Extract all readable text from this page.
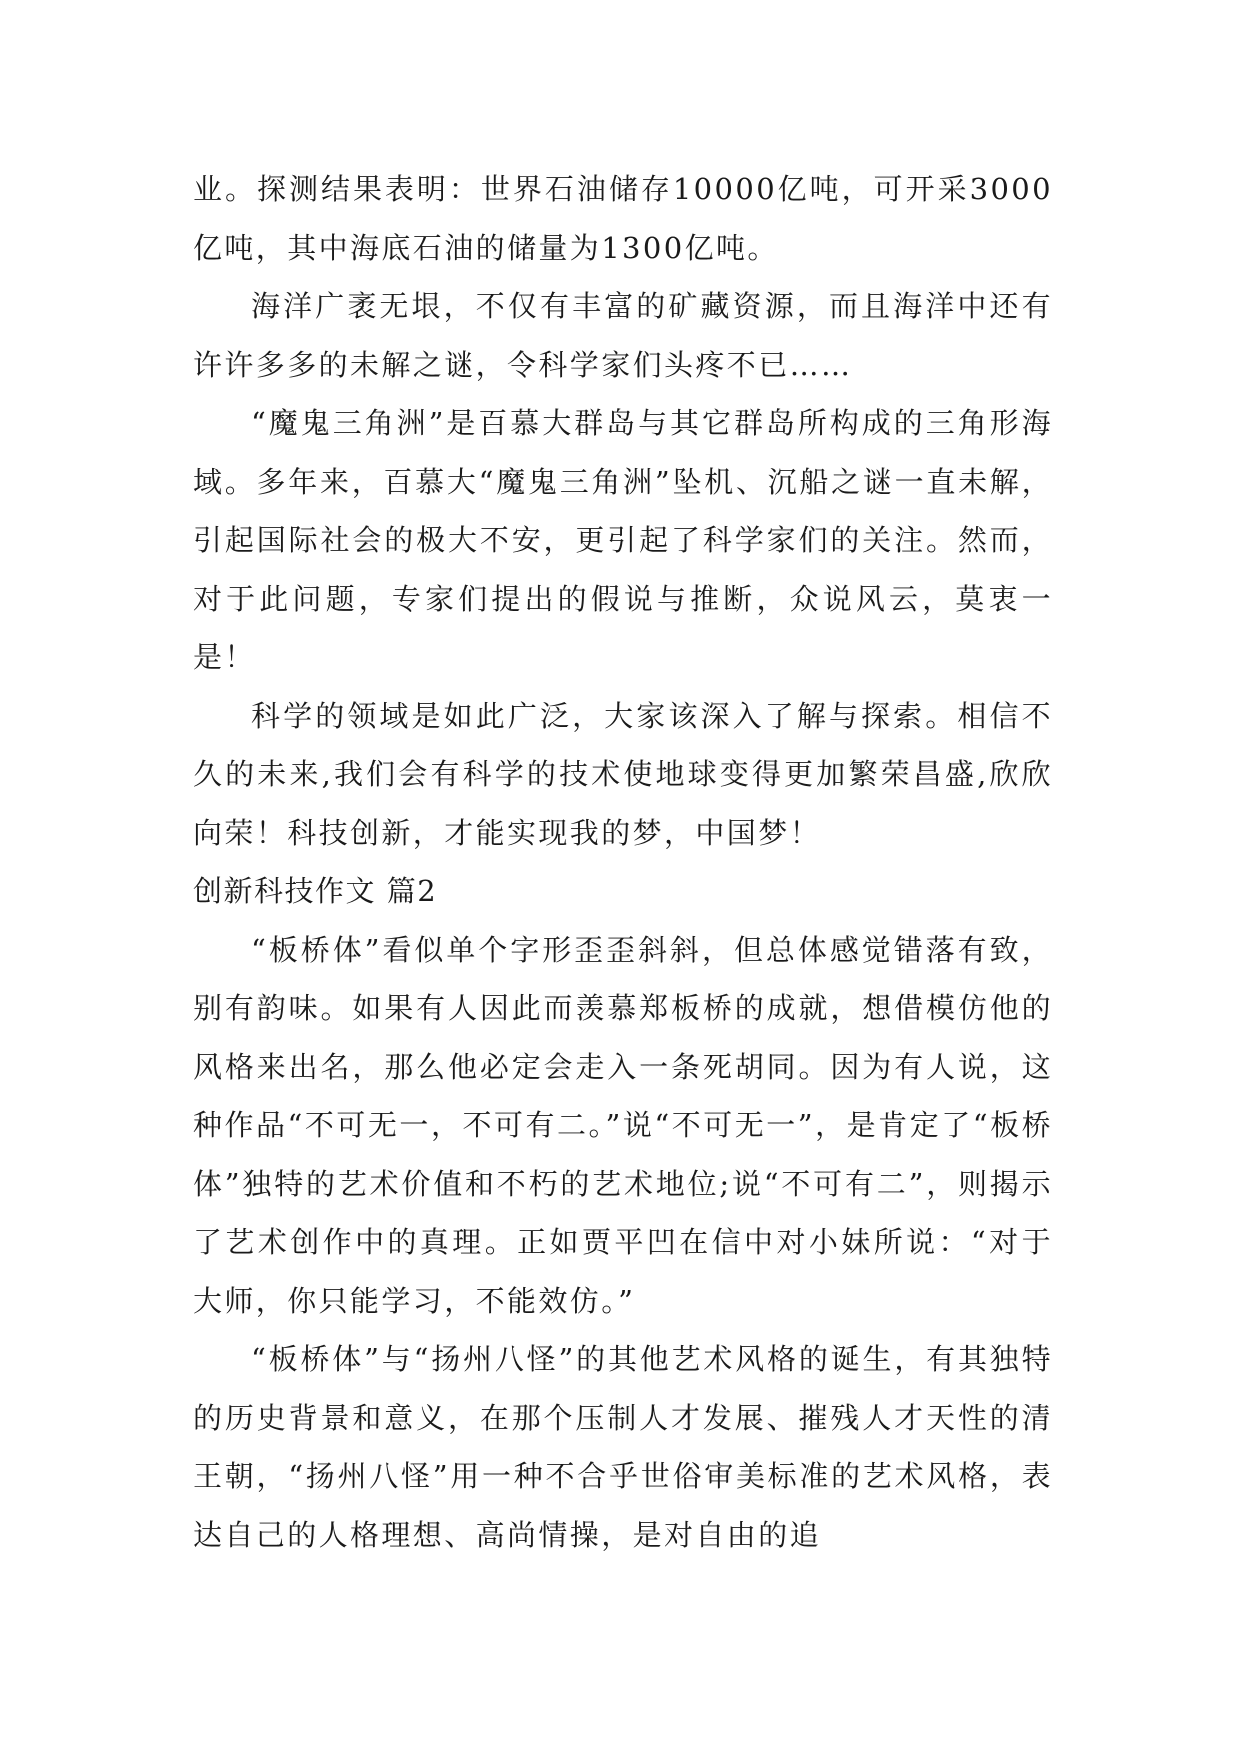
业。探测结果表明：世界石油储存10000亿吨，可开采3000亿吨，其中海底石油的储量为1300亿吨。

海洋广袤无垠，不仅有丰富的矿藏资源，而且海洋中还有许许多多的未解之谜，令科学家们头疼不已……

“魔鬼三角洲”是百慕大群岛与其它群岛所构成的三角形海域。多年来，百慕大“魔鬼三角洲”坠机、沉船之谜一直未解，引起国际社会的极大不安，更引起了科学家们的关注。然而，对于此问题，专家们提出的假说与推断，众说风云，莫衷一是！

科学的领域是如此广泛，大家该深入了解与探索。相信不久的未来,我们会有科学的技术使地球变得更加繁荣昌盛,欣欣向荣！科技创新，才能实现我的梦，中国梦！

创新科技作文 篇2

“板桥体”看似单个字形歪歪斜斜，但总体感觉错落有致，别有韵味。如果有人因此而羡慕郑板桥的成就，想借模仿他的风格来出名，那么他必定会走入一条死胡同。因为有人说，这种作品“不可无一，不可有二。”说“不可无一”，是肯定了“板桥体”独特的艺术价值和不朽的艺术地位;说“不可有二”，则揭示了艺术创作中的真理。正如贾平凹在信中对小妹所说：“对于大师，你只能学习，不能效仿。”

“板桥体”与“扬州八怪”的其他艺术风格的诞生，有其独特的历史背景和意义，在那个压制人才发展、摧残人才天性的清王朝，“扬州八怪”用一种不合乎世俗审美标准的艺术风格，表达自己的人格理想、高尚情操，是对自由的追
